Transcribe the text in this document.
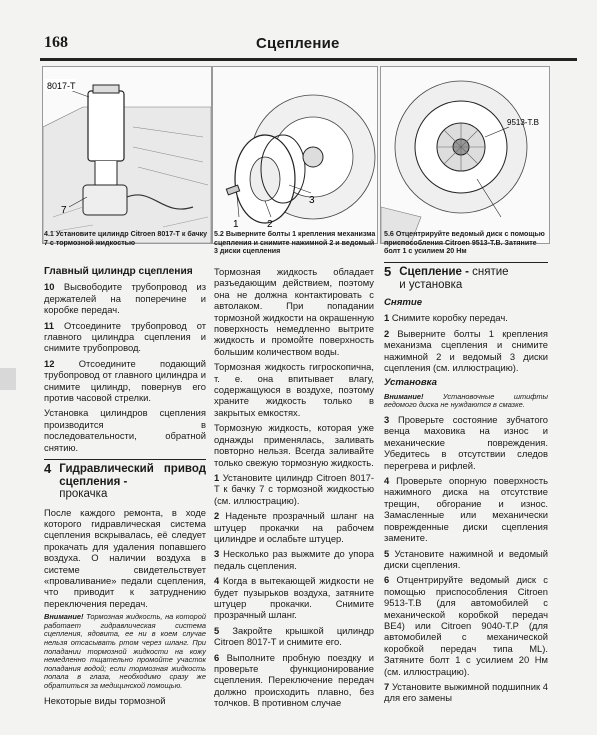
168	Сцепление
8017-T
7
4.1 Установите цилиндр Citroen 8017-T к бачку 7 с тормозной жидкостью
1	2
3
5.2 Выверните болты 1 крепления механизма сцепления и снимите нажимной 2 и ведомый 3 диски сцепления
9513-T.B
5.6 Отцентрируйте ведомый диск с помощью приспособления Citroen 9513-Т.В. Затяните болт 1 с усилием 20 Нм

Главный цилиндр сцепления

10 Высвободите трубопровод из держателей на поперечине и коробке передач.

11 Отсоедините трубопровод от главного цилиндра сцепления и снимите трубопровод.

12	Отсоедините подающий трубопровод от главного цилиндра и снимите цилиндр, повернув его против часовой стрелки.

Установка цилиндров сцепления производится в последовательности, обратной снятию.

4 Гидравлический привод сцепления -
прокачка

После каждого ремонта, в ходе которого гидравлическая система сцепления вскрывалась, её следует прокачать для удаления попавшего воздуха. О наличии воздуха в системе свидетельствует «проваливание» педали сцепления, что приводит к затруднению переключения передач.

Внимание! Тормозная жидкость, на которой работает гидравлическая система сцепления, ядовита, ее ни в коем случае нельзя отсасывать ртом через шланг. При попадании тормозной жидкости на кожу немедленно тщательно промойте участок попадания водой; если тормозная жидкость попала в глаза, необходимо сразу же обратиться за медицинской помощью.

Некоторые виды тормозной

Тормозная жидкость обладает разъедающим действием, поэтому она не должна контактировать с автолаком. При попадании тормозной жидкости на окрашенную поверхность немедленно вытрите жидкость и промойте поверхность большим количеством воды.

Тормозная жидкость гигроскопична, т. е. она впитывает влагу, содержащуюся в воздухе, поэтому храните жидкость только в закрытых емкостях.

Тормозную жидкость, которая уже однажды применялась, заливать повторно нельзя. Всегда заливайте только свежую тормозную жидкость.

1 Установите цилиндр Citroen 8017-T к бачку 7 с тормозной жидкостью (см. иллюстрацию).

2 Наденьте прозрачный шланг на штуцер прокачки на рабочем цилиндре и ослабьте штуцер.

3 Несколько раз выжмите до упора педаль сцепления.

4 Когда в вытекающей жидкости не будет пузырьков воздуха, затяните штуцер прокачки. Снимите прозрачный шланг.

5 Закройте крышкой цилиндр Citroen 8017-T и снимите его.

6 Выполните пробную поездку и проверьте функционирование сцепления. Переключение передач должно происходить плавно, без толчков. В противном случае

5 Сцепление - снятие
и установка

Снятие

1 Снимите коробку передач.

2 Выверните болты 1 крепления механизма сцепления и снимите нажимной 2 и ведомый 3 диски сцепления (см. иллюстрацию).

Установка

Внимание!	Установочные штифты ведомого диска не нуждаются в смазке.

3 Проверьте состояние зубчатого венца маховика на износ и механические повреждения. Убедитесь в отсутствии следов перегрева и рифлей.

4 Проверьте опорную поверхность нажимного диска на отсутствие трещин, обгорание и износ. Замасленные или механически поврежденные диски сцепления замените.

5 Установите нажимной и ведомый диски сцепления.

6 Отцентрируйте ведомый диск с помощью приспособления Citroen 9513-T.B (для автомобилей с механической коробкой передач BE4) или Citroen 9040-T.P (для автомобилей с механической коробкой передач типа ML). Затяните болт 1 с усилием 20 Нм (см. иллюстрацию).

7 Установите выжимной подшипник 4 для его замены
